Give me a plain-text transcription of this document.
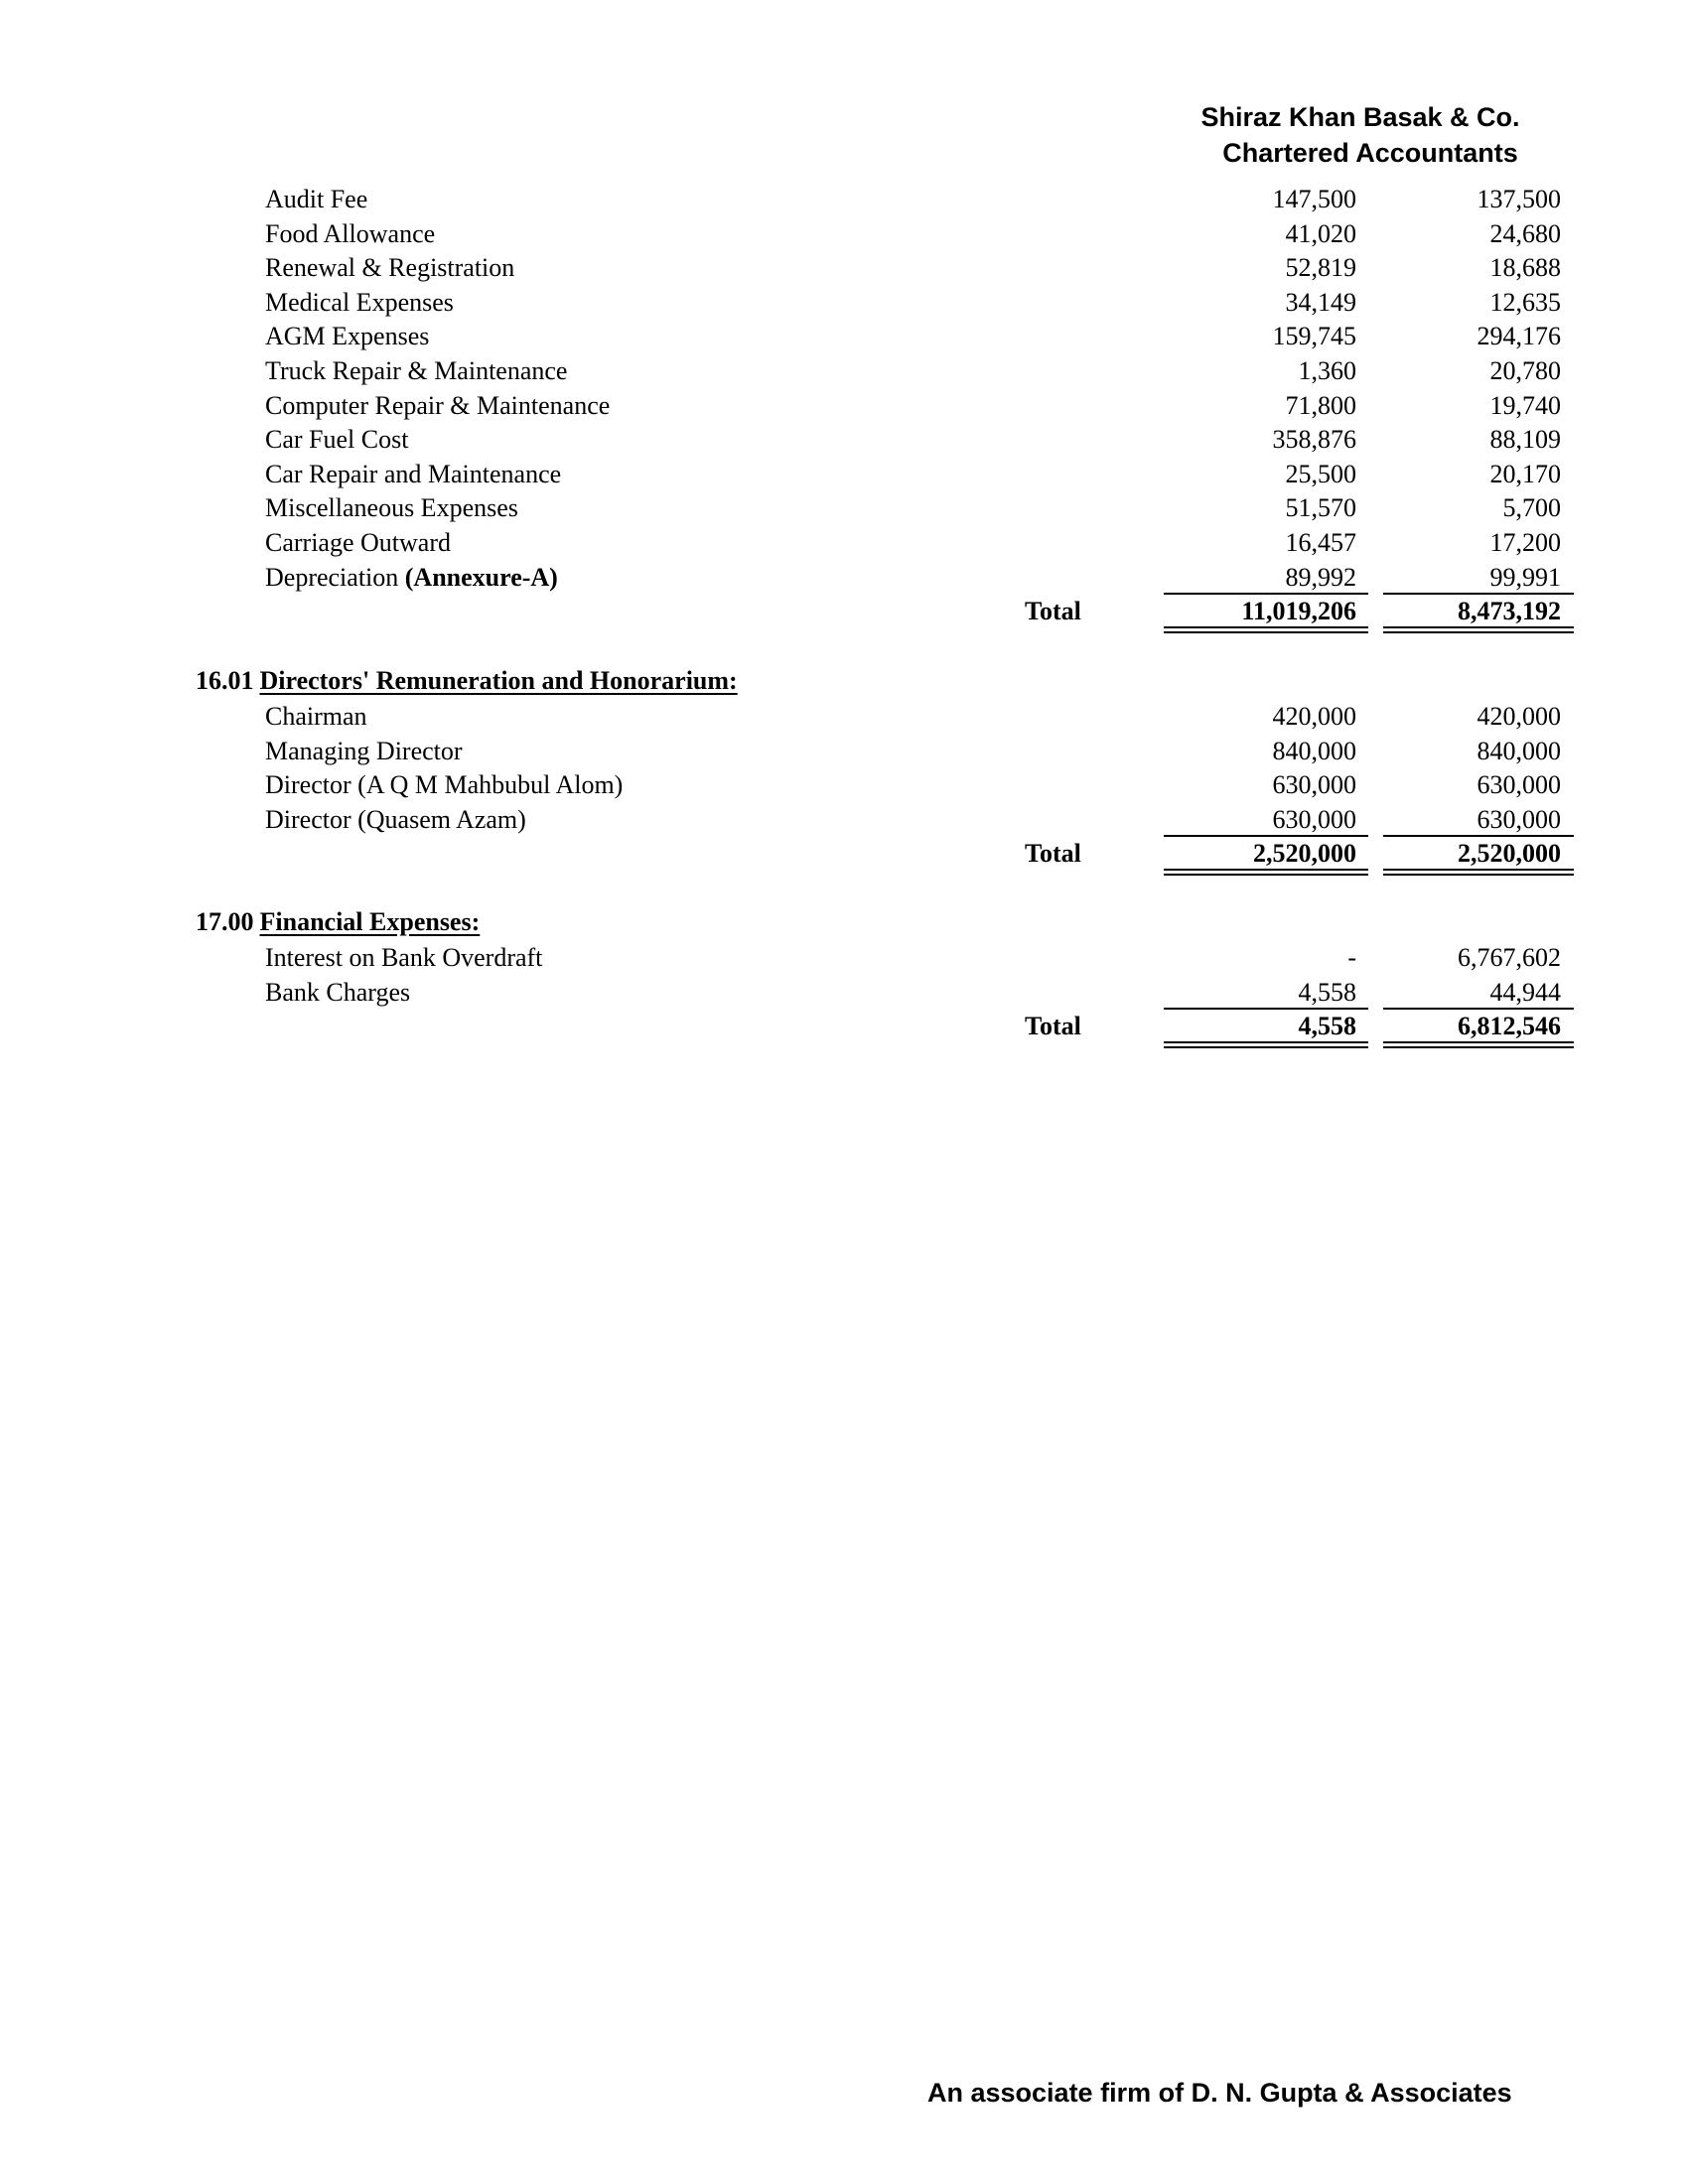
Shiraz Khan Basak & Co.
Chartered Accountants
Audit Fee	147,500	137,500
Food Allowance	41,020	24,680
Renewal & Registration	52,819	18,688
Medical Expenses	34,149	12,635
AGM Expenses	159,745	294,176
Truck Repair & Maintenance	1,360	20,780
Computer Repair & Maintenance	71,800	19,740
Car Fuel Cost	358,876	88,109
Car Repair and Maintenance	25,500	20,170
Miscellaneous Expenses	51,570	5,700
Carriage Outward	16,457	17,200
Depreciation (Annexure-A)	89,992	99,991
Total	11,019,206	8,473,192
16.01 Directors' Remuneration and Honorarium:
Chairman	420,000	420,000
Managing Director	840,000	840,000
Director (A Q M Mahbubul Alom)	630,000	630,000
Director (Quasem Azam)	630,000	630,000
Total	2,520,000	2,520,000
17.00 Financial Expenses:
Interest on Bank Overdraft	-	6,767,602
Bank Charges	4,558	44,944
Total	4,558	6,812,546
An associate firm of D. N. Gupta & Associates
